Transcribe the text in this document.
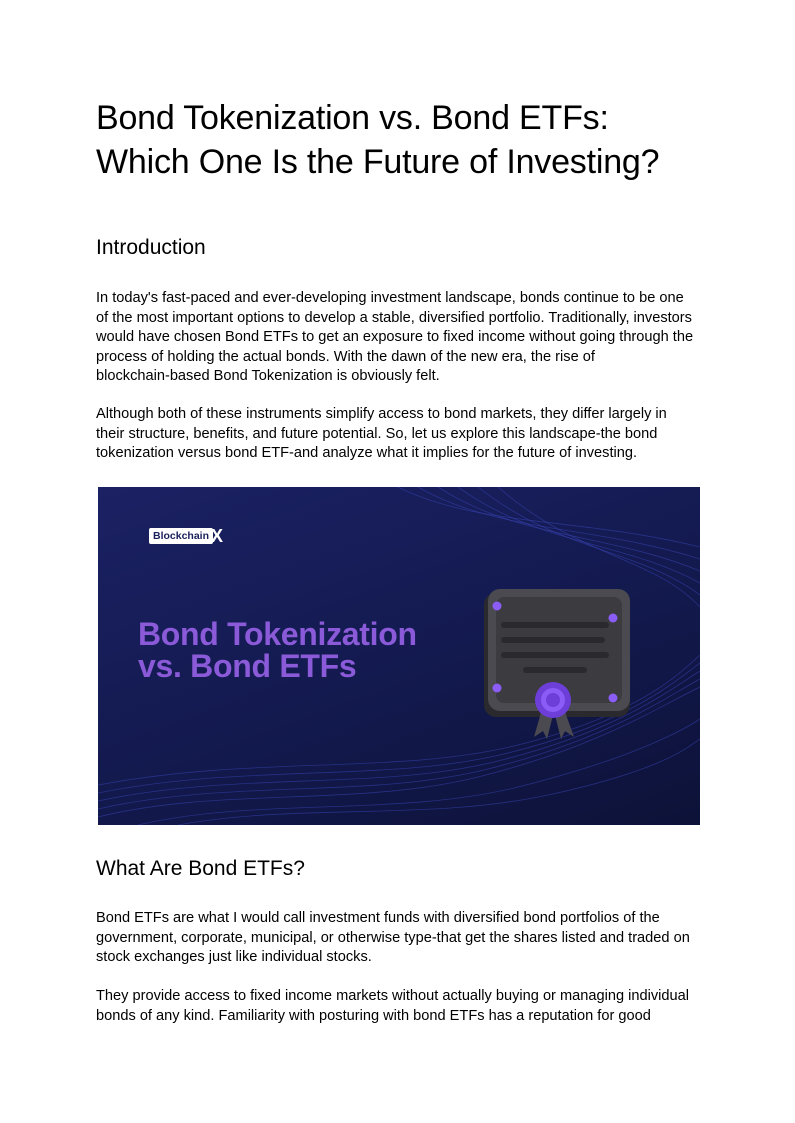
Bond Tokenization vs. Bond ETFs:
Which One Is the Future of Investing?
Introduction

In today's fast-paced and ever-developing investment landscape, bonds continue to be one
of the most important options to develop a stable, diversified portfolio. Traditionally, investors
would have chosen Bond ETFs to get an exposure to fixed income without going through the
process of holding the actual bonds. With the dawn of the new era, the rise of
blockchain-based Bond Tokenization is obviously felt.

Although both of these instruments simplify access to bond markets, they differ largely in
their structure, benefits, and future potential. So, let us explore this landscape-the bond
tokenization versus bond ETF-and analyze what it implies for the future of investing.

What Are Bond ETFs?

Bond ETFs are what I would call investment funds with diversified bond portfolios of the
government, corporate, municipal, or otherwise type-that get the shares listed and traded on
stock exchanges just like individual stocks.

They provide access to fixed income markets without actually buying or managing individual
bonds of any kind. Familiarity with posturing with bond ETFs has a reputation for good

Blockchain X
Bond Tokenization
vs. Bond ETFs
